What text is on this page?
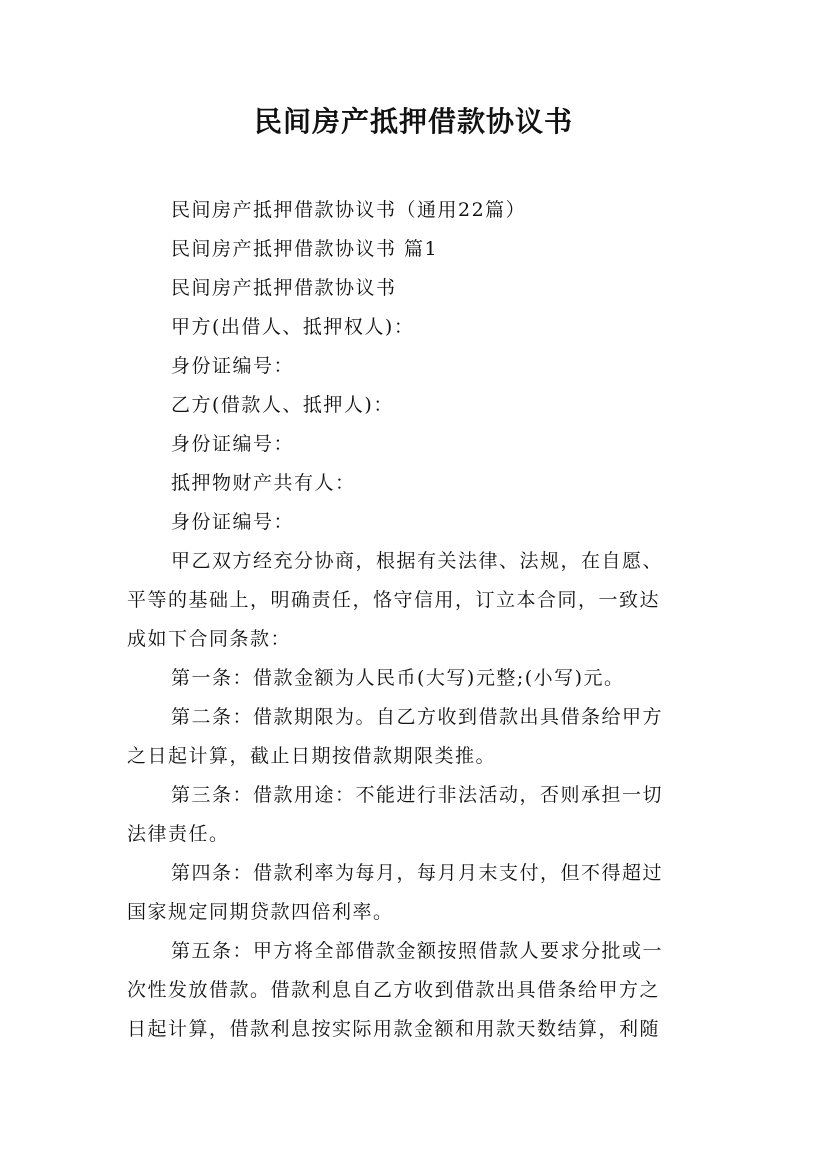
民间房产抵押借款协议书
民间房产抵押借款协议书（通用22篇）
民间房产抵押借款协议书 篇1
民间房产抵押借款协议书
甲方(出借人、抵押权人)：
身份证编号：
乙方(借款人、抵押人)：
身份证编号：
抵押物财产共有人：
身份证编号：
甲乙双方经充分协商，根据有关法律、法规，在自愿、
平等的基础上，明确责任，恪守信用，订立本合同，一致达
成如下合同条款：
第一条：借款金额为人民币(大写)元整;(小写)元。
第二条：借款期限为。自乙方收到借款出具借条给甲方
之日起计算，截止日期按借款期限类推。
第三条：借款用途：不能进行非法活动，否则承担一切
法律责任。
第四条：借款利率为每月，每月月末支付，但不得超过
国家规定同期贷款四倍利率。
第五条：甲方将全部借款金额按照借款人要求分批或一
次性发放借款。借款利息自乙方收到借款出具借条给甲方之
日起计算，借款利息按实际用款金额和用款天数结算，利随
